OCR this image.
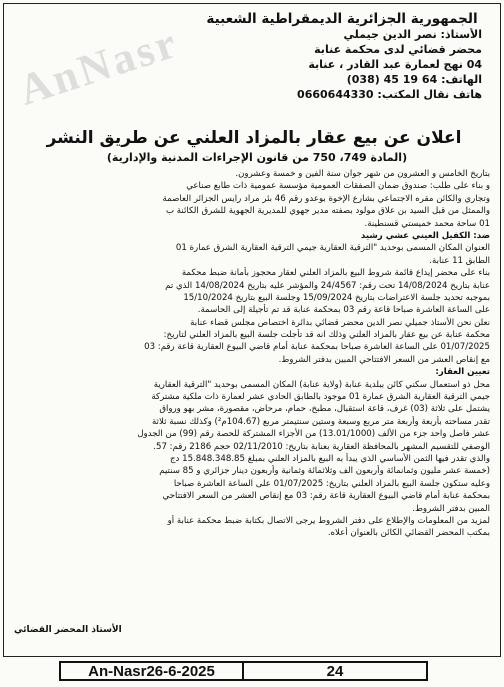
AnNasr	الجمهورية الجزائرية الديمقراطية الشعبية

الأستاذ: نصر الدين جيملي

محضر قضائي لدى محكمة عنابة

04 نهج لعمارة عبد القادر ، عنابة

الهاتف: 64 19 45 (038)

هاتف نقال المكتب: 0660644330

اعلان عن بيع عقار بالمزاد العلني عن طريق النشر
(المادة 749، 750 من قانون الإجراءات المدنية والإدارية)

بتاريخ الخامس و العشرون من شهر جوان سنة الفين و خمسة وعشرون.

و بناء على طلب: صندوق ضمان الصفقات العمومية مؤسسة عمومية ذات طابع صناعي

وتجاري والكائن مقره الاجتماعي بشارع الإخوة بوعدو رقم 46 بئر مراد رايس الجزائر العاصمة

والممثل من قبل السيد بن علاق مولود بصفته مدير جهوي للمديرية الجهوية للشرق الكائنة ب

01 ساحة محمد خميستي قسنطينة.

ضد: الكفيل العيني عشي رشيد

العنوان المكان المسمى بوحديد "الترقية العقارية جيمي الترقية العقارية الشرق عمارة 01

الطابق 11 عنابة.

بناء على محضر إيداع قائمة شروط البيع بالمزاد العلني لعقار محجوز بأمانة ضبط محكمة

عنابة بتاريخ 14/08/2024 تحت رقم: 24/4567 والمؤشر عليه بتاريخ 14/08/2024 الذي تم

بموجبه تحديد جلسة الاعتراضات بتاريخ 15/09/2024 وجلسة البيع بتاريخ 15/10/2024

على الساعة العاشرة صباحا قاعة رقم 03 بمحكمة عنابة قد تم تأجيلة إلى الحاسمة.

نعلن نحن الأستاذ جميلي نصر الدين محضر قضائي بدائرة اختصاص مجلس قضاء عنابة

محكمة عنابة عن بيع عقار بالمزاد العلني وذلك انه قد تأجلت جلسة البيع بالمزاد العلني لتاريخ:

01/07/2025 على الساعة العاشرة صباحا بمحكمة عنابة أمام قاضي البيوع العقارية قاعة رقم: 03

مع إنقاص العشر من السعر الافتتاحي المبين بدفتر الشروط.

تعيين العقار:

محل ذو استعمال سكني كائن ببلدية عنابة (ولاية عنابة) المكان المسمى بوحديد "الترقية العقارية

جيمي الترقية العقارية الشرق عمارة 01 موجود بالطابق الحادي عشر لعمارة ذات ملكية مشتركة

يشتمل على ثلاثة (03) غرف، قاعة استقبال، مطبخ، حمام، مرحاض، مقصورة، مشر بهو ورواق

تقدر مساحته بأربعة وأربعة متر مربع وسبعة وستين سنتيمتر مربع (104.67م²) وكذلك نسبة ثلاثة

عشر فاصل واحد جزء من الألف (13.01/1000) من الأجزاء المشتركة للحصة رقم (99) من الجدول

الوصفي للتقسيم المشهر بالمحافظة العقارية بعنابة بتاريخ: 02/11/2010 حجم 2186 رقم: 57.

والذي تقدر فيها الثمن الأساسي الذي يبدأ به البيع بالمزاد العلني بمبلغ 15.848.348.85 دج

(خمسة عشر مليون وثمانمائة وأربعون الف وثلاثمائة وثمانية وأربعون دينار جزائري و 85 سنتيم

وعليه ستكون جلسة البيع بالمزاد العلني بتاريخ: 01/07/2025 على الساعة العاشرة صباحا

بمحكمة عنابة أمام قاضي البيوع العقارية قاعة رقم: 03 مع إنقاص العشر من السعر الافتتاحي

المبين بدفتر الشروط.

لمزيد من المعلومات والإطلاع على دفتر الشروط يرجى الاتصال بكتابة ضبط محكمة عنابة أو

بمكتب المحضر القضائي الكائن بالعنوان أعلاه.

الأستاذ المحضر القضائي
An-Nasr26-6-2025	24
